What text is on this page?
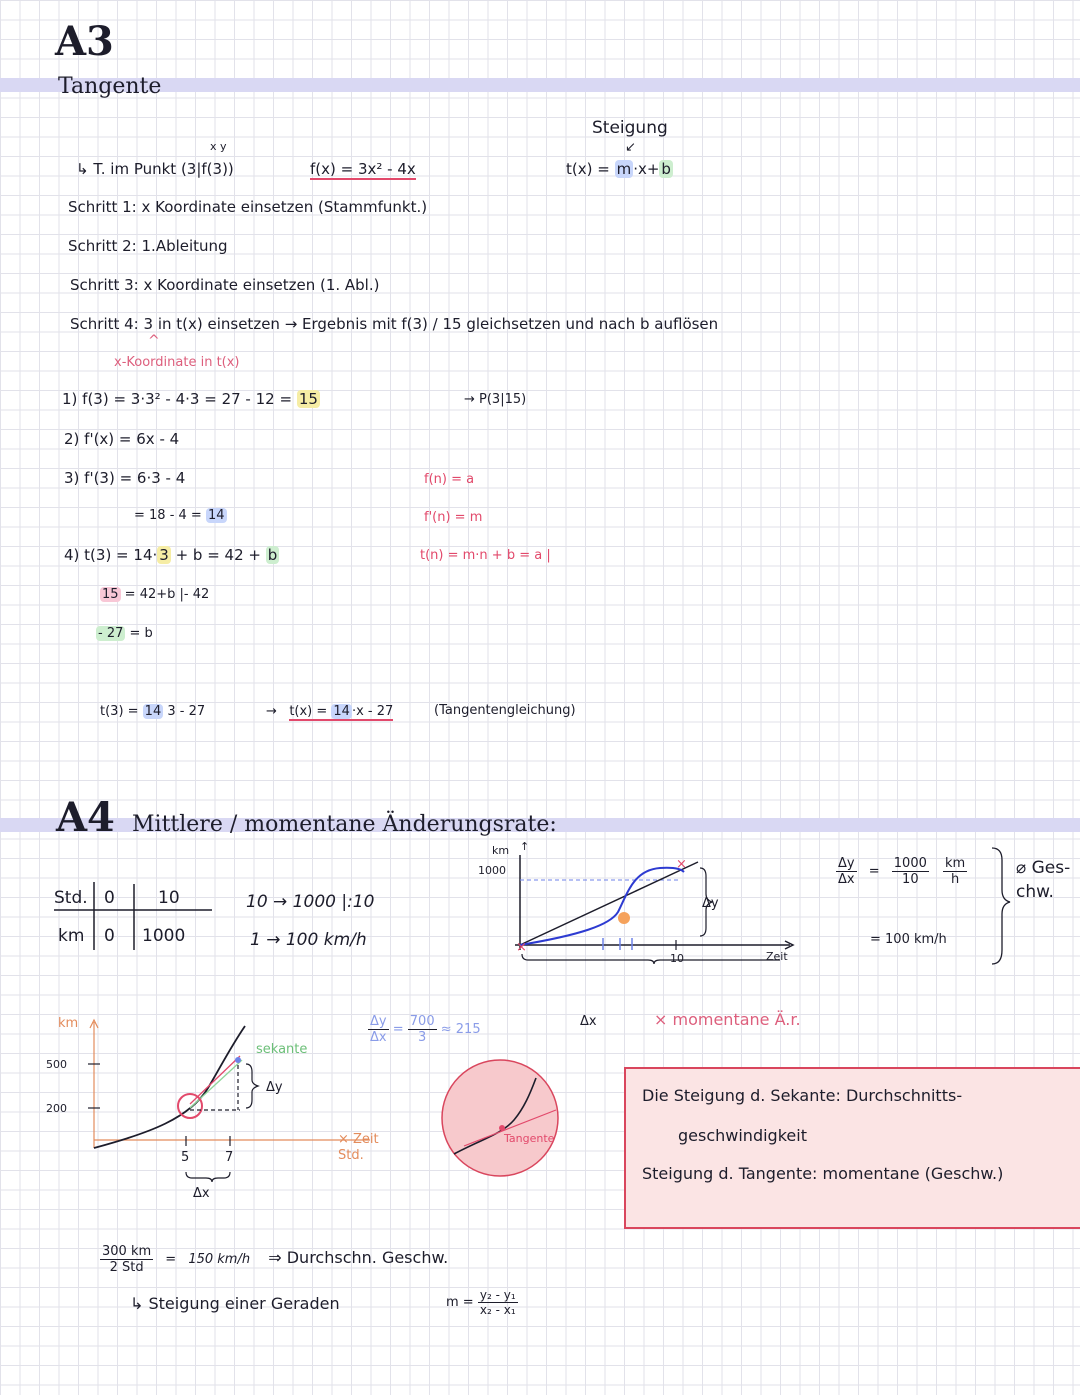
A3
Tangente
Steigung
↙
t(x) = m ·x+ b
x y
↳ T. im Punkt (3|f(3))	f(x) = 3x² - 4x
Schritt 1: x Koordinate einsetzen (Stammfunkt.)
Schritt 2: 1.Ableitung
Schritt 3: x Koordinate einsetzen (1. Abl.)
Schritt 4: 3 in t(x) einsetzen → Ergebnis mit f(3) / 15 gleichsetzen und nach b auflösen
^
x-Koordinate in t(x)
1) f(3) = 3·3² - 4·3 = 27 - 12 = 15	→ P(3|15)
2) f'(x) = 6x - 4
3) f'(3) = 6·3 - 4
= 18 - 4 = 14
4) t(3) = 14· 3 + b = 42 + b
15 = 42+b |- 42
- 27 = b
t(3) = 14 3 - 27	→ t(x) = 14 ·x - 27	(Tangentengleichung)
f(n) = a
f'(n) = m
t(n) = m·n + b = a |
A4 Mittlere / momentane Änderungsrate:
Std. 0	10
km 0 1000
10 → 1000 |:10
1 → 100 km/h
km ↑
1000	×
×
10	Zeit
Δy
Δx	× momentane Ä.r.
$\frac{\Delta y}{\Delta x} = \frac{1000}{10}$
$\frac{km}{h}$
= 100 km/h
⌀ Ges- chw.
km
500
200
5	7
Δx
Δy
sekante
× Zeit Std.
$\frac{\Delta y}{\Delta x} = \frac{700}{3} \approx 215$
Tangente
$\frac{300 km}{\text{2 Std}} = 150$ km/h ⇒ Durchschn. Geschw.
↳ Steigung einer Geraden	$m = \frac{\text{y₂ - y₁}}{\text{x₂ - x₁}}$
Die Steigung d. Sekante: Durchschnitts-
geschwindigkeit
Steigung d. Tangente: momentane (Geschw.)
